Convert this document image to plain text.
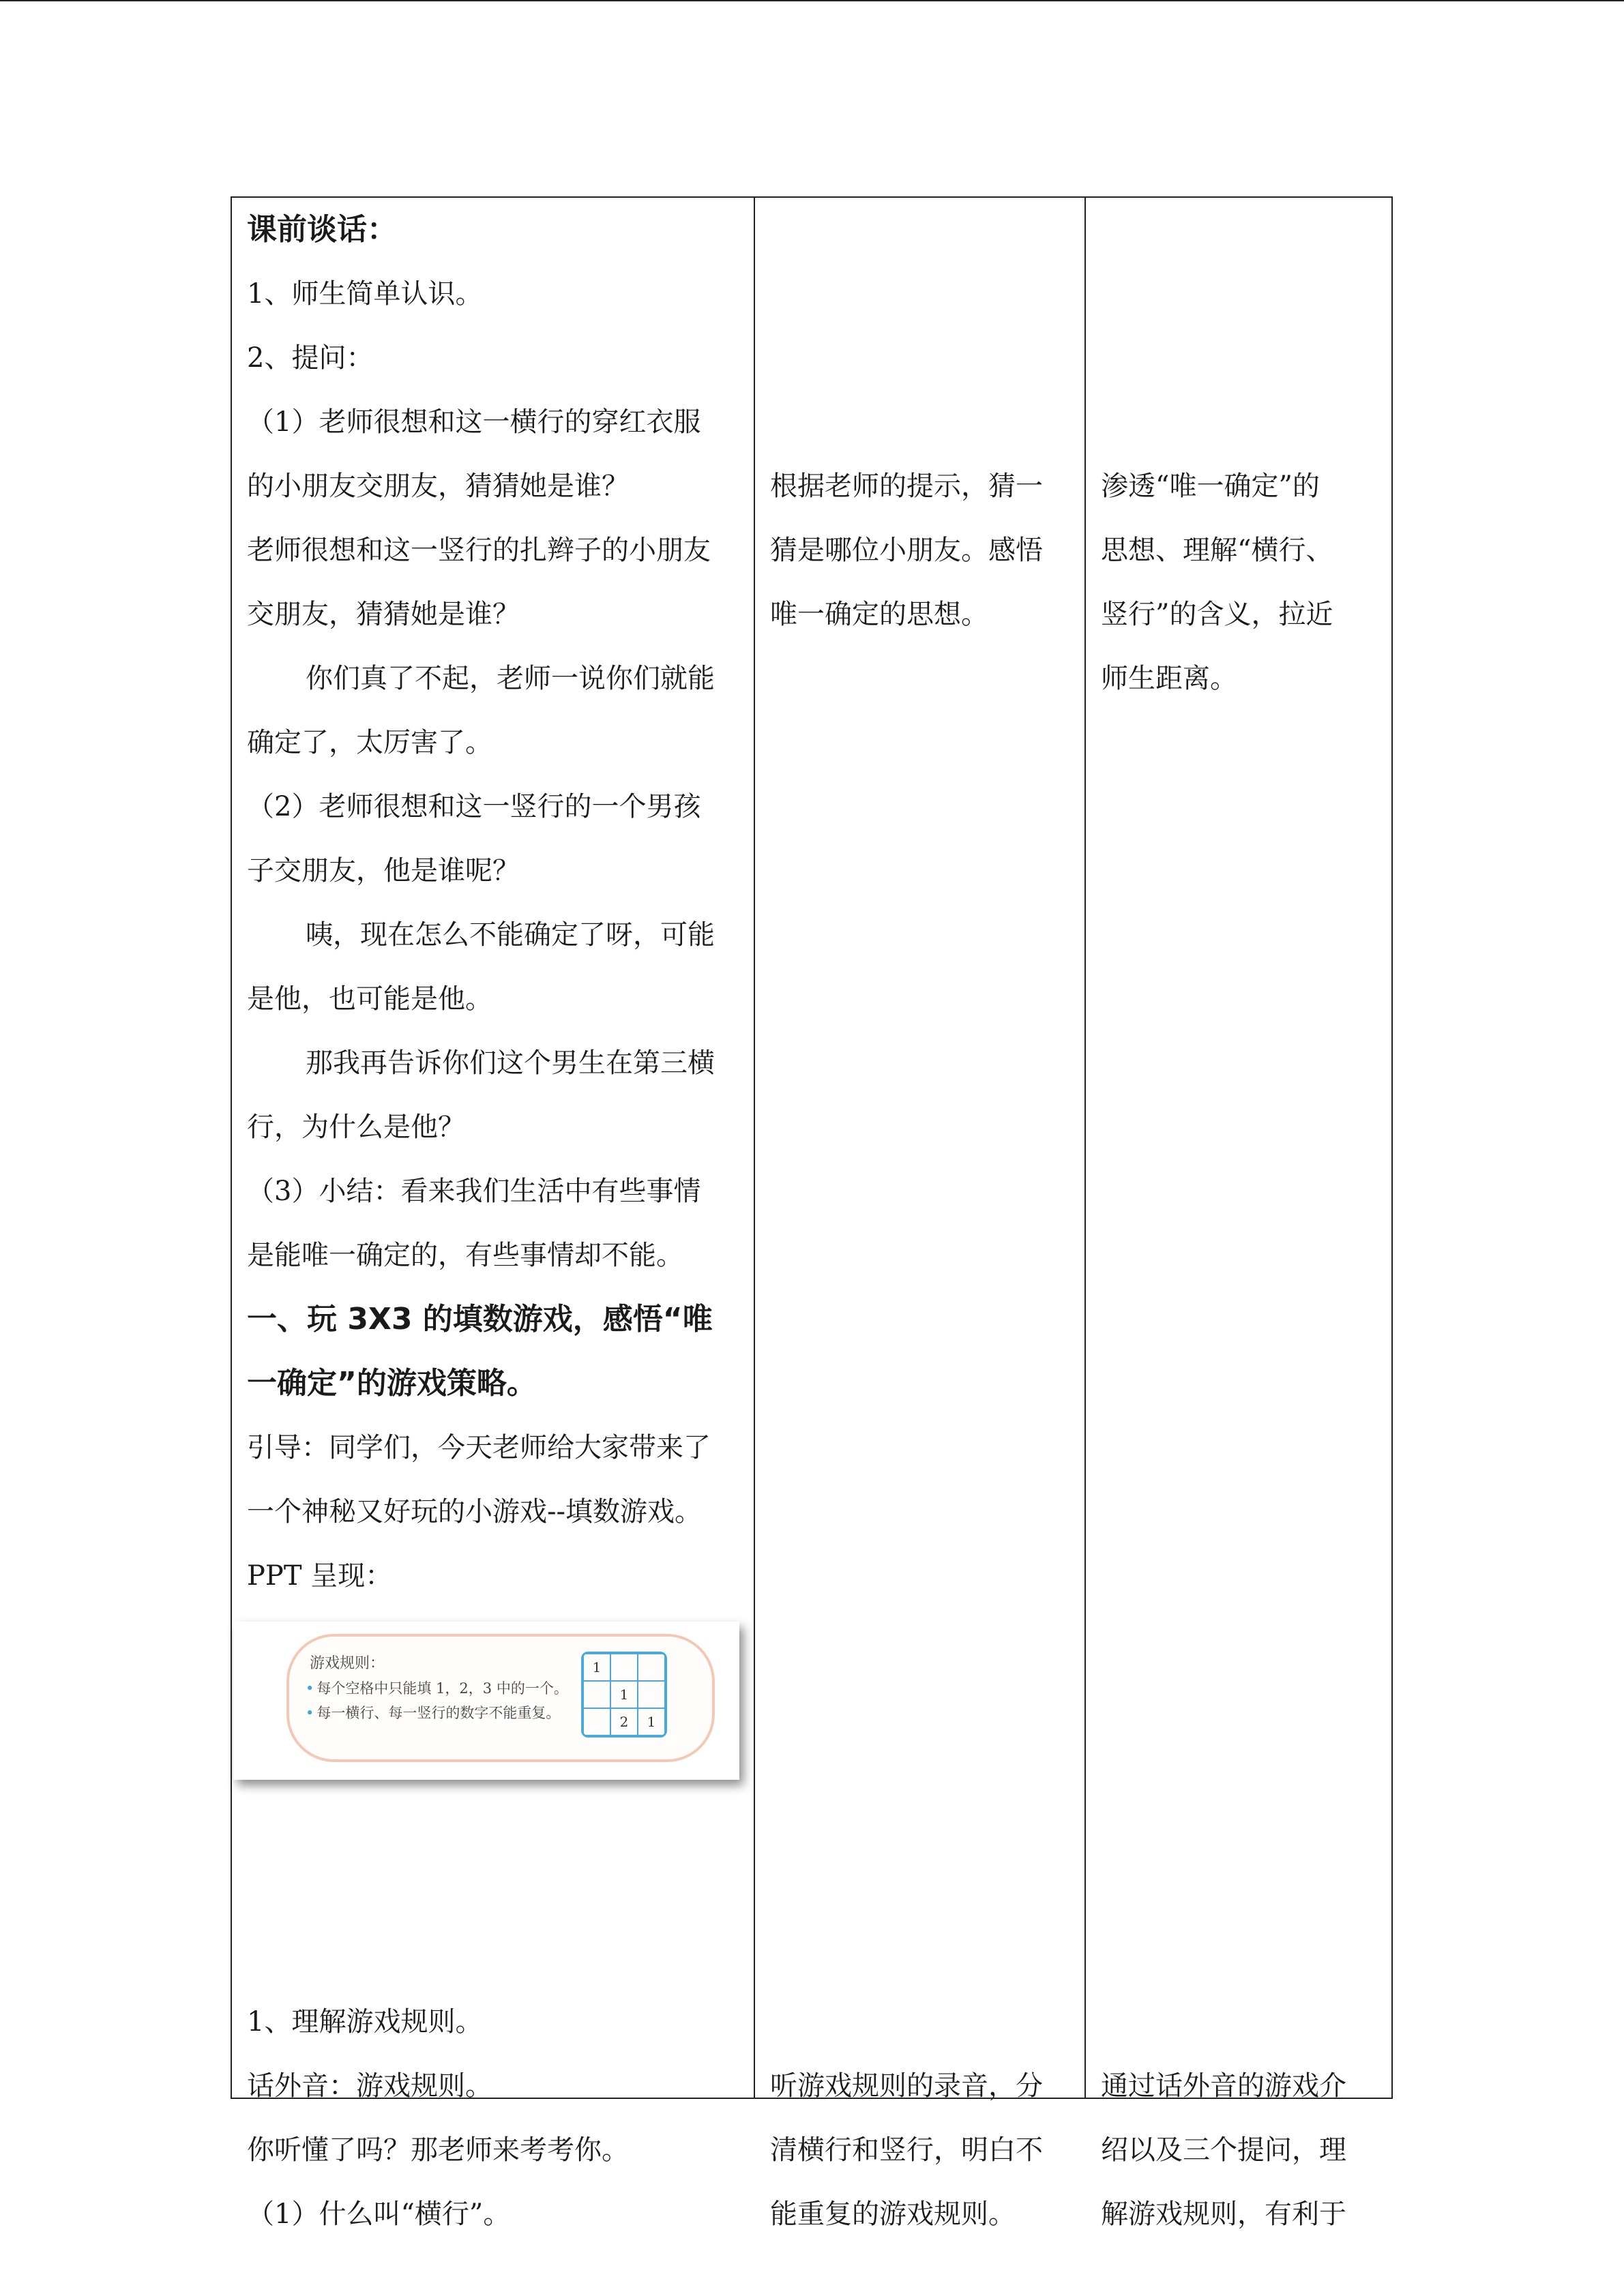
课前谈话：
1、师生简单认识。
2、提问：
（1）老师很想和这一横行的穿红衣服
的小朋友交朋友，猜猜她是谁？
老师很想和这一竖行的扎辫子的小朋友
交朋友，猜猜她是谁？
你们真了不起，老师一说你们就能
确定了，太厉害了。
（2）老师很想和这一竖行的一个男孩
子交朋友，他是谁呢？
咦，现在怎么不能确定了呀，可能
是他，也可能是他。
那我再告诉你们这个男生在第三横
行，为什么是他？
（3）小结：看来我们生活中有些事情
是能唯一确定的，有些事情却不能。
一、玩 3X3 的填数游戏，感悟“唯
一确定”的游戏策略。
引导：同学们，今天老师给大家带来了
一个神秘又好玩的小游戏--填数游戏。
PPT 呈现：
游戏规则：
• 每个空格中只能填 1，2，3 中的一个。
• 每一横行、每一竖行的数字不能重复。
1
1
2	1
1、理解游戏规则。
话外音：游戏规则。
你听懂了吗？那老师来考考你。
（1）什么叫“横行”。
根据老师的提示，猜一
猜是哪位小朋友。感悟
唯一确定的思想。
听游戏规则的录音，分
清横行和竖行，明白不
能重复的游戏规则。
渗透“唯一确定”的
思想、理解“横行、
竖行”的含义，拉近
师生距离。
通过话外音的游戏介
绍以及三个提问，理
解游戏规则，有利于
